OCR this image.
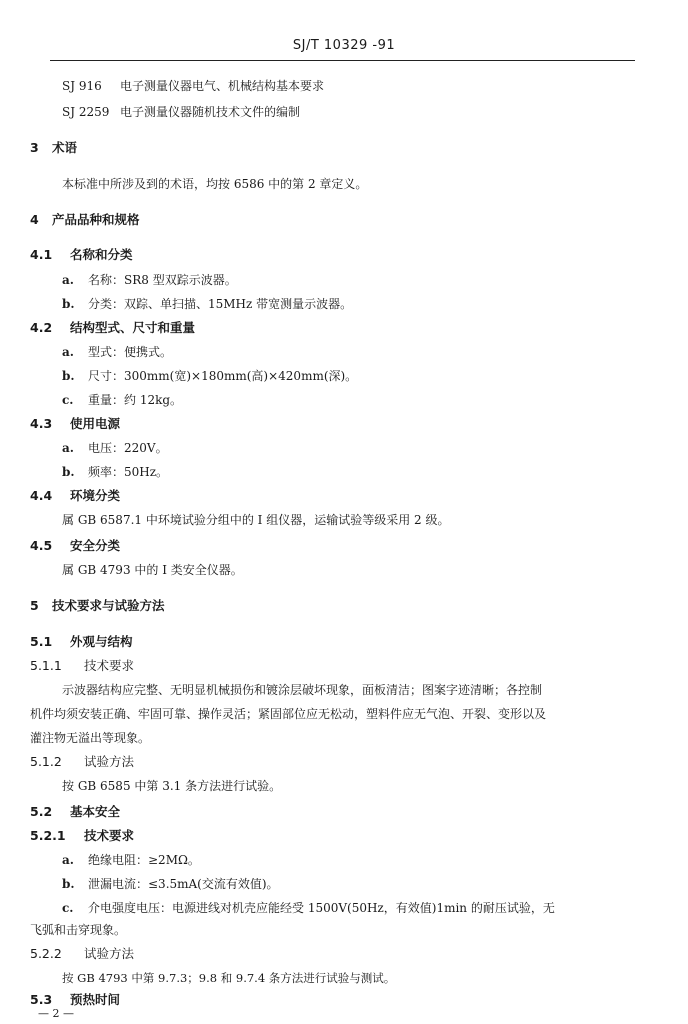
SJ/T 10329 -91
SJ 916 电子测量仪器电气、机械结构基本要求
SJ 2259 电子测量仪器随机技术文件的编制
3 术语
本标准中所涉及到的术语，均按 6586 中的第 2 章定义。
4 产品品种和规格
4.1 名称和分类
a. 名称：SR8 型双踪示波器。
b. 分类：双踪、单扫描、15MHz 带宽测量示波器。
4.2 结构型式、尺寸和重量
a. 型式：便携式。
b. 尺寸：300mm(宽)×180mm(高)×420mm(深)。
c. 重量：约 12kg。
4.3 使用电源
a. 电压：220V。
b. 频率：50Hz。
4.4 环境分类
属 GB 6587.1 中环境试验分组中的 I 组仪器，运输试验等级采用 2 级。
4.5 安全分类
属 GB 4793 中的 I 类安全仪器。
5 技术要求与试验方法
5.1 外观与结构
5.1.1 技术要求
示波器结构应完整、无明显机械损伤和镀涂层破坏现象，面板清洁；图案字迹清晰；各控制
机件均须安装正确、牢固可靠、操作灵活；紧固部位应无松动，塑料件应无气泡、开裂、变形以及
灌注物无溢出等现象。
5.1.2 试验方法
按 GB 6585 中第 3.1 条方法进行试验。
5.2 基本安全
5.2.1 技术要求
a. 绝缘电阻：≥2MΩ。
b. 泄漏电流：≤3.5mA(交流有效值)。
c. 介电强度电压：电源进线对机壳应能经受 1500V(50Hz，有效值)1min 的耐压试验，无
飞弧和击穿现象。
5.2.2 试验方法
按 GB 4793 中第 9.7.3；9.8 和 9.7.4 条方法进行试验与测试。
5.3 预热时间
— 2 —
